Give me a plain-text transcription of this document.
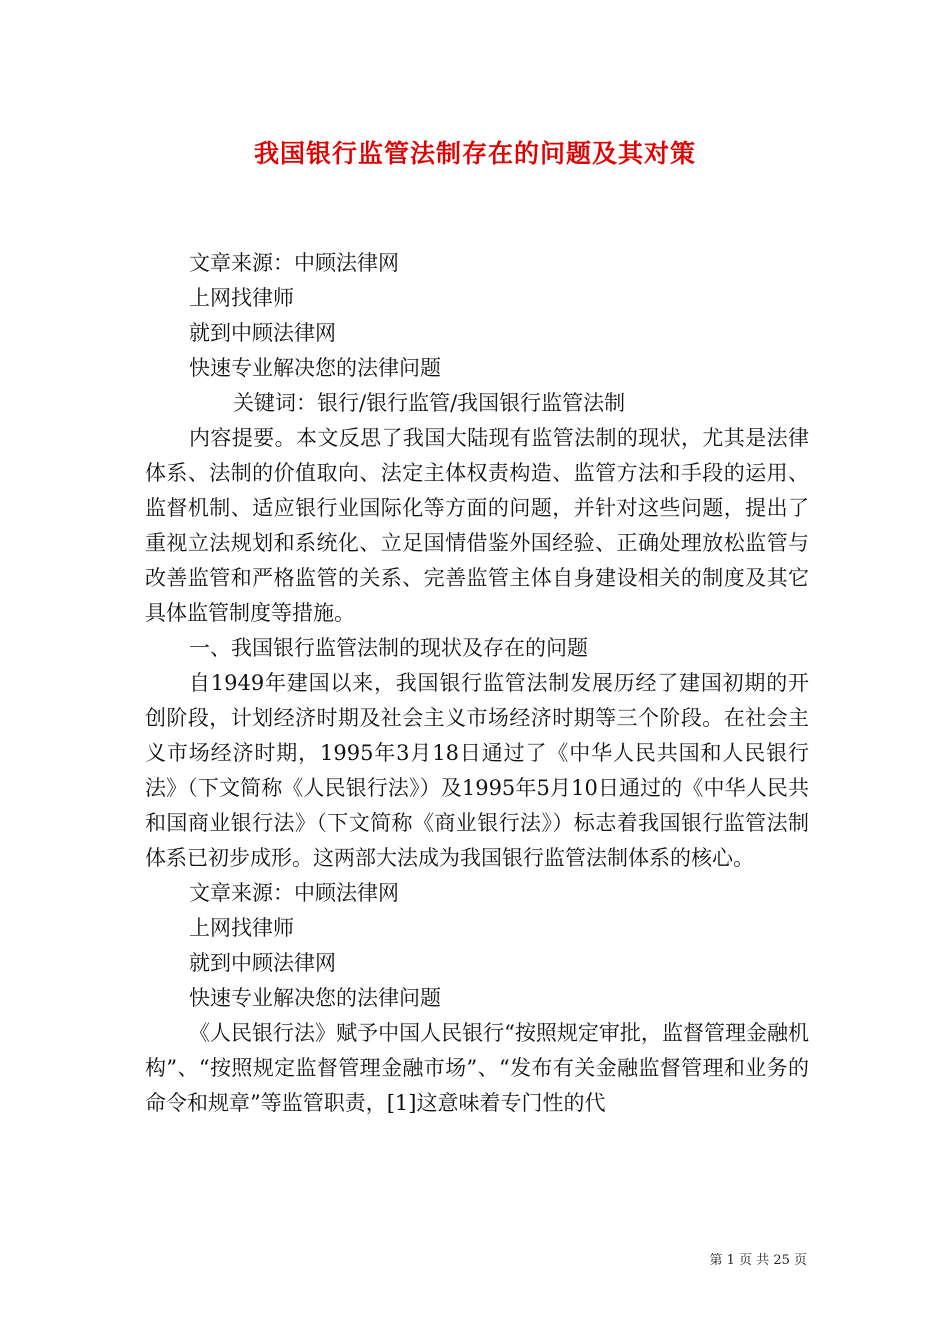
我国银行监管法制存在的问题及其对策

文章来源：中顾法律网

上网找律师

就到中顾法律网

快速专业解决您的法律问题

关键词：银行/银行监管/我国银行监管法制

内容提要。本文反思了我国大陆现有监管法制的现状，尤其是法律体系、法制的价值取向、法定主体权责构造、监管方法和手段的运用、监督机制、适应银行业国际化等方面的问题，并针对这些问题，提出了重视立法规划和系统化、立足国情借鉴外国经验、正确处理放松监管与改善监管和严格监管的关系、完善监管主体自身建设相关的制度及其它具体监管制度等措施。

一、我国银行监管法制的现状及存在的问题

自1949年建国以来，我国银行监管法制发展历经了建国初期的开创阶段，计划经济时期及社会主义市场经济时期等三个阶段。在社会主义市场经济时期，1995年3月18日通过了《中华人民共国和人民银行法》（下文简称《人民银行法》）及1995年5月10日通过的《中华人民共和国商业银行法》（下文简称《商业银行法》）标志着我国银行监管法制体系已初步成形。这两部大法成为我国银行监管法制体系的核心。

文章来源：中顾法律网

上网找律师

就到中顾法律网

快速专业解决您的法律问题

《人民银行法》赋予中国人民银行“按照规定审批，监督管理金融机构”、“按照规定监督管理金融市场”、“发布有关金融监督管理和业务的命令和规章”等监管职责，[1]这意味着专门性的代

第 1 页 共 25 页
